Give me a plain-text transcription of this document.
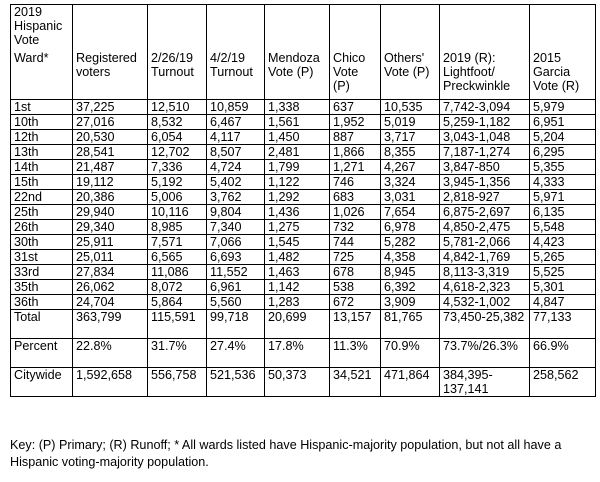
2019 Hispanic Vote
Ward*	Registered voters	2/26/19 Turnout	4/2/19 Turnout	Mendoza Vote (P)	Chico Vote (P)	Others' Vote (P)	2019 (R): Lightfoot/ Preckwinkle	2015 Garcia Vote (R)

1st	37,225	12,510	10,859	1,338	637	10,535	7,742-3,094	5,979
10th	27,016	8,532	6,467	1,561	1,952	5,019	5,259-1,182	6,951
12th	20,530	6,054	4,117	1,450	887	3,717	3,043-1,048	5,204
13th	28,541	12,702	8,507	2,481	1,866	8,355	7,187-1,274	6,295
14th	21,487	7,336	4,724	1,799	1,271	4,267	3,847-850	5,355
15th	19,112	5,192	5,402	1,122	746	3,324	3,945-1,356	4,333
22nd	20,386	5,006	3,762	1,292	683	3,031	2,818-927	5,971
25th	29,940	10,116	9,804	1,436	1,026	7,654	6,875-2,697	6,135
26th	29,340	8,985	7,340	1,275	732	6,978	4,850-2,475	5,548
30th	25,911	7,571	7,066	1,545	744	5,282	5,781-2,066	4,423
31st	25,011	6,565	6,693	1,482	725	4,358	4,842-1,769	5,265
33rd	27,834	11,086	11,552	1,463	678	8,945	8,113-3,319	5,525
35th	26,062	8,072	6,961	1,142	538	6,392	4,618-2,323	5,301
36th	24,704	5,864	5,560	1,283	672	3,909	4,532-1,002	4,847
Total	363,799	115,591	99,718	20,699	13,157	81,765	73,450-25,382	77,133
Percent	22.8%	31.7%	27.4%	17.8%	11.3%	70.9%	73.7%/26.3%	66.9%
Citywide	1,592,658	556,758	521,536	50,373	34,521	471,864	384,395-137,141	258,562
Key: (P) Primary; (R) Runoff; * All wards listed have Hispanic-majority population, but not all have a Hispanic voting-majority population.
